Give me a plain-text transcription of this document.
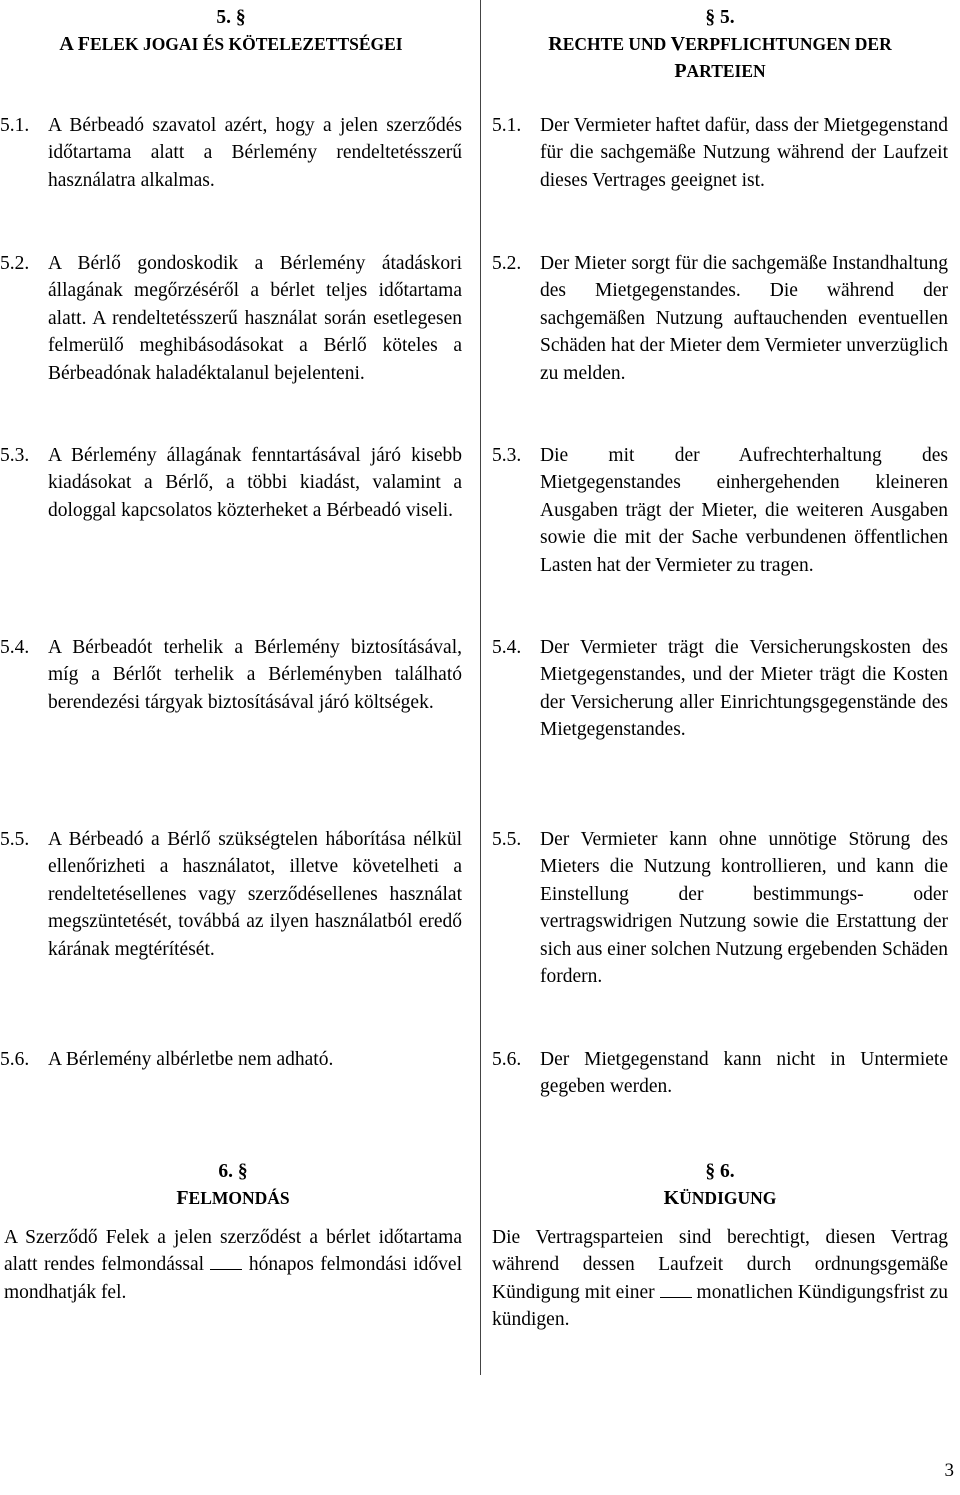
5. §
A FELEK JOGAI ÉS KÖTELEZETTSÉGEI
5.1. A Bérbeadó szavatol azért, hogy a jelen szerződés időtartama alatt a Bérlemény rendeltetésszerű használatra alkalmas.
5.2. A Bérlő gondoskodik a Bérlemény átadáskori állagának megőrzéséről a bérlet teljes időtartama alatt. A rendeltetésszerű használat során esetlegesen felmerülő meghibásodásokat a Bérlő köteles a Bérbeadónak haladéktalanul bejelenteni.
5.3. A Bérlemény állagának fenntartásával járó kisebb kiadásokat a Bérlő, a többi kiadást, valamint a dologgal kapcsolatos közterheket a Bérbeadó viseli.
5.4. A Bérbeadót terhelik a Bérlemény biztosításával, míg a Bérlőt terhelik a Bérleményben található berendezési tárgyak biztosításával járó költségek.
5.5. A Bérbeadó a Bérlő szükségtelen háborítása nélkül ellenőrizheti a használatot, illetve követelheti a rendeltetésellenes vagy szerződésellenes használat megszüntetését, továbbá az ilyen használatból eredő kárának megtérítését.
5.6. A Bérlemény albérletbe nem adható.
6. §
FELMONDÁS
A Szerződő Felek a jelen szerződést a bérlet időtartama alatt rendes felmondással hónapos felmondási idővel mondhatják fel.
§ 5.
RECHTE UND VERPFLICHTUNGEN DER
PARTEIEN
5.1. Der Vermieter haftet dafür, dass der Mietgegenstand für die sachgemäße Nutzung während der Laufzeit dieses Vertrages geeignet ist.
5.2. Der Mieter sorgt für die sachgemäße Instandhaltung des Mietgegenstandes. Die während der sachgemäßen Nutzung auftauchenden eventuellen Schäden hat der Mieter dem Vermieter unverzüglich zu melden.
5.3. Die mit der Aufrechterhaltung des Mietgegenstandes einhergehenden kleineren Ausgaben trägt der Mieter, die weiteren Ausgaben sowie die mit der Sache verbundenen öffentlichen Lasten hat der Vermieter zu tragen.
5.4. Der Vermieter trägt die Versicherungskosten des Mietgegenstandes, und der Mieter trägt die Kosten der Versicherung aller Einrichtungsgegenstände des Mietgegenstandes.
5.5. Der Vermieter kann ohne unnötige Störung des Mieters die Nutzung kontrollieren, und kann die Einstellung der bestimmungs- oder vertragswidrigen Nutzung sowie die Erstattung der sich aus einer solchen Nutzung ergebenden Schäden fordern.
5.6. Der Mietgegenstand kann nicht in Untermiete gegeben werden.
§ 6.
KÜNDIGUNG
Die Vertragsparteien sind berechtigt, diesen Vertrag während dessen Laufzeit durch ordnungsgemäße Kündigung mit einer monatlichen Kündigungsfrist zu kündigen.
3
